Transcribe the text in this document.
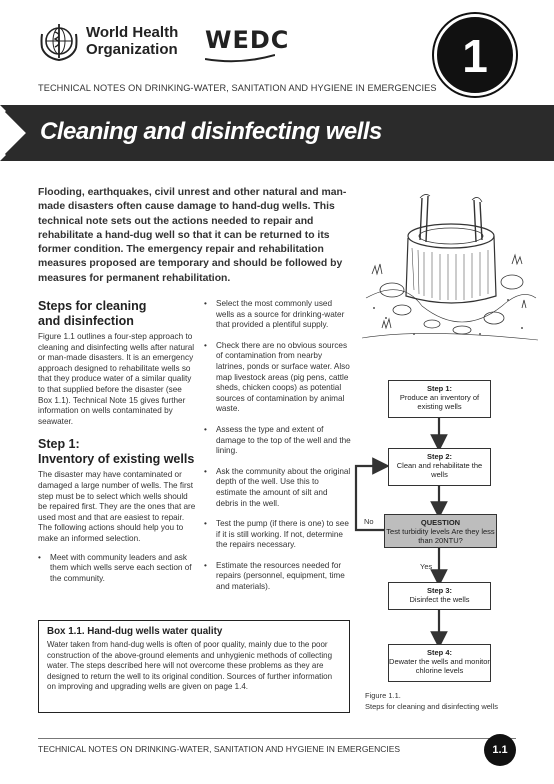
World Health
Organization WEDC	1
TECHNICAL NOTES ON DRINKING-WATER, SANITATION AND HYGIENE IN EMERGENCIES
Cleaning and disinfecting wells
Flooding, earthquakes, civil unrest and other natural and man-made disasters often cause damage to hand-dug wells. This technical note sets out the actions needed to repair and rehabilitate a hand-dug well so that it can be returned to its former condition. The emergency repair and rehabilitation measures proposed are temporary and should be followed by measures for permanent rehabilitation.
Steps for cleaning and disinfection

Figure 1.1 outlines a four-step approach to cleaning and disinfecting wells after natural or man-made disasters. It is an emergency approach designed to rehabilitate wells so that they produce water of a similar quality to that supplied before the disaster (see Box 1.1). Technical Note 15 gives further information on wells contaminated by seawater.

Step 1:
Inventory of existing wells

The disaster may have contaminated or damaged a large number of wells. The first step must be to select which wells should be repaired first. They are the ones that are used most and that are easiest to repair. The following actions should help you to make an informed selection.

• Meet with community leaders and ask them which wells serve each section of the community.
• Select the most commonly used wells as a source for drinking-water that provided a plentiful supply.
• Check there are no obvious sources of contamination from nearby latrines, ponds or surface water. Also map livestock areas (pig pens, cattle sheds, chicken coops) as potential sources of contamination by animal waste.
• Assess the type and extent of damage to the top of the well and the lining.
• Ask the community about the original depth of the well. Use this to estimate the amount of silt and debris in the well.
• Test the pump (if there is one) to see if it is still working. If not, determine the repairs necessary.
• Estimate the resources needed for repairs (personnel, equipment, time and materials).
Box 1.1. Hand-dug wells water quality
Water taken from hand-dug wells is often of poor quality, mainly due to the poor construction of the above-ground elements and unhygienic methods of collecting water. The steps described here will not overcome these problems as they are designed to return the well to its original condition. Sources of further information on improving and upgrading wells are given on page 1.4.
Step 1:
Produce an inventory of existing wells
Step 2:
Clean and rehabilitate the wells
QUESTION
Test turbidity levels Are they less than 20NTU?
Step 3:
Disinfect the wells
Step 4:
Dewater the wells and monitor chlorine levels
No
Yes
Figure 1.1.
Steps for cleaning and disinfecting wells
TECHNICAL NOTES ON DRINKING-WATER, SANITATION AND HYGIENE IN EMERGENCIES	1.1
